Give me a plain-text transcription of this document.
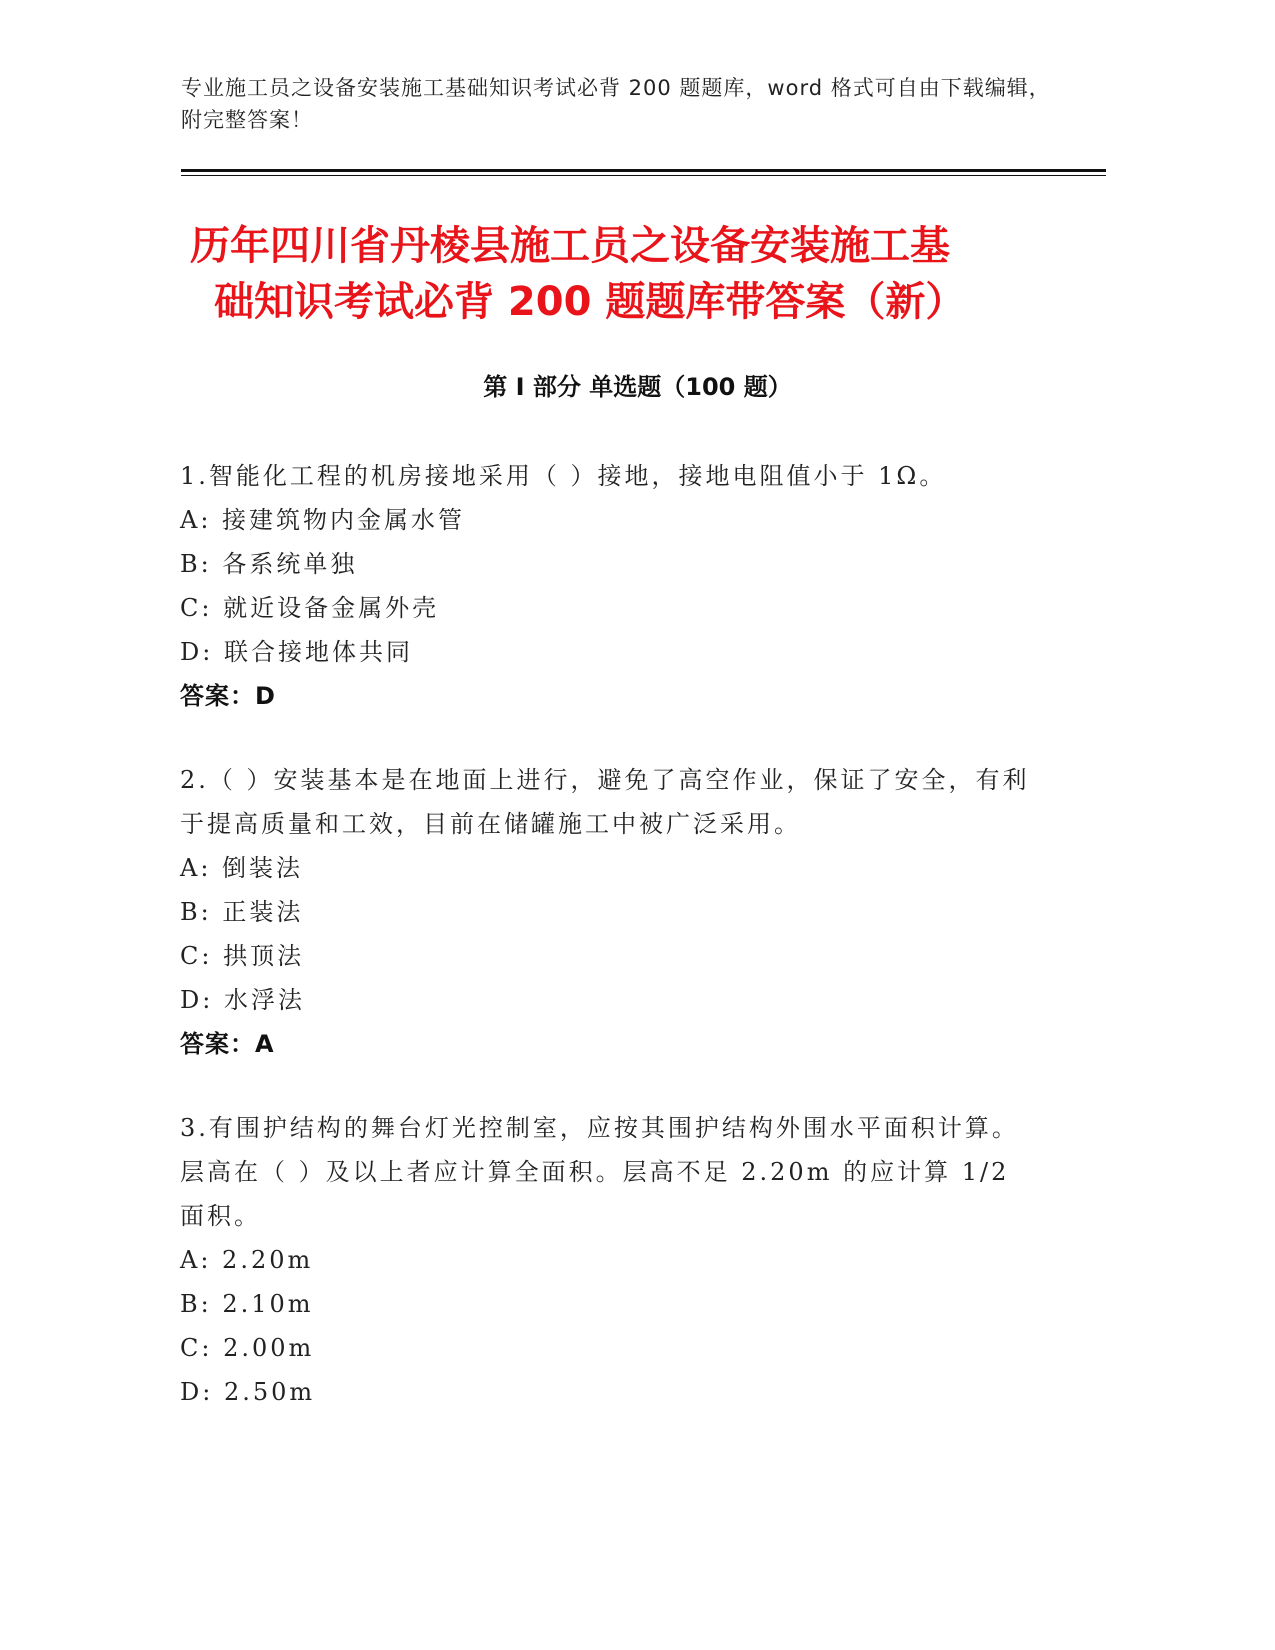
专业施工员之设备安装施工基础知识考试必背 200 题题库，word 格式可自由下载编辑，附完整答案！
历年四川省丹棱县施工员之设备安装施工基
础知识考试必背 200 题题库带答案（新）
第 I 部分 单选题（100 题）
1.智能化工程的机房接地采用（ ）接地，接地电阻值小于 1Ω。
A: 接建筑物内金属水管
B: 各系统单独
C: 就近设备金属外壳
D: 联合接地体共同
答案：D
2.（ ）安装基本是在地面上进行，避免了高空作业，保证了安全，有利于提高质量和工效，目前在储罐施工中被广泛采用。
A: 倒装法
B: 正装法
C: 拱顶法
D: 水浮法
答案：A
3.有围护结构的舞台灯光控制室，应按其围护结构外围水平面积计算。层高在（ ）及以上者应计算全面积。层高不足 2.20m 的应计算 1/2 面积。
A: 2.20m
B: 2.10m
C: 2.00m
D: 2.50m
